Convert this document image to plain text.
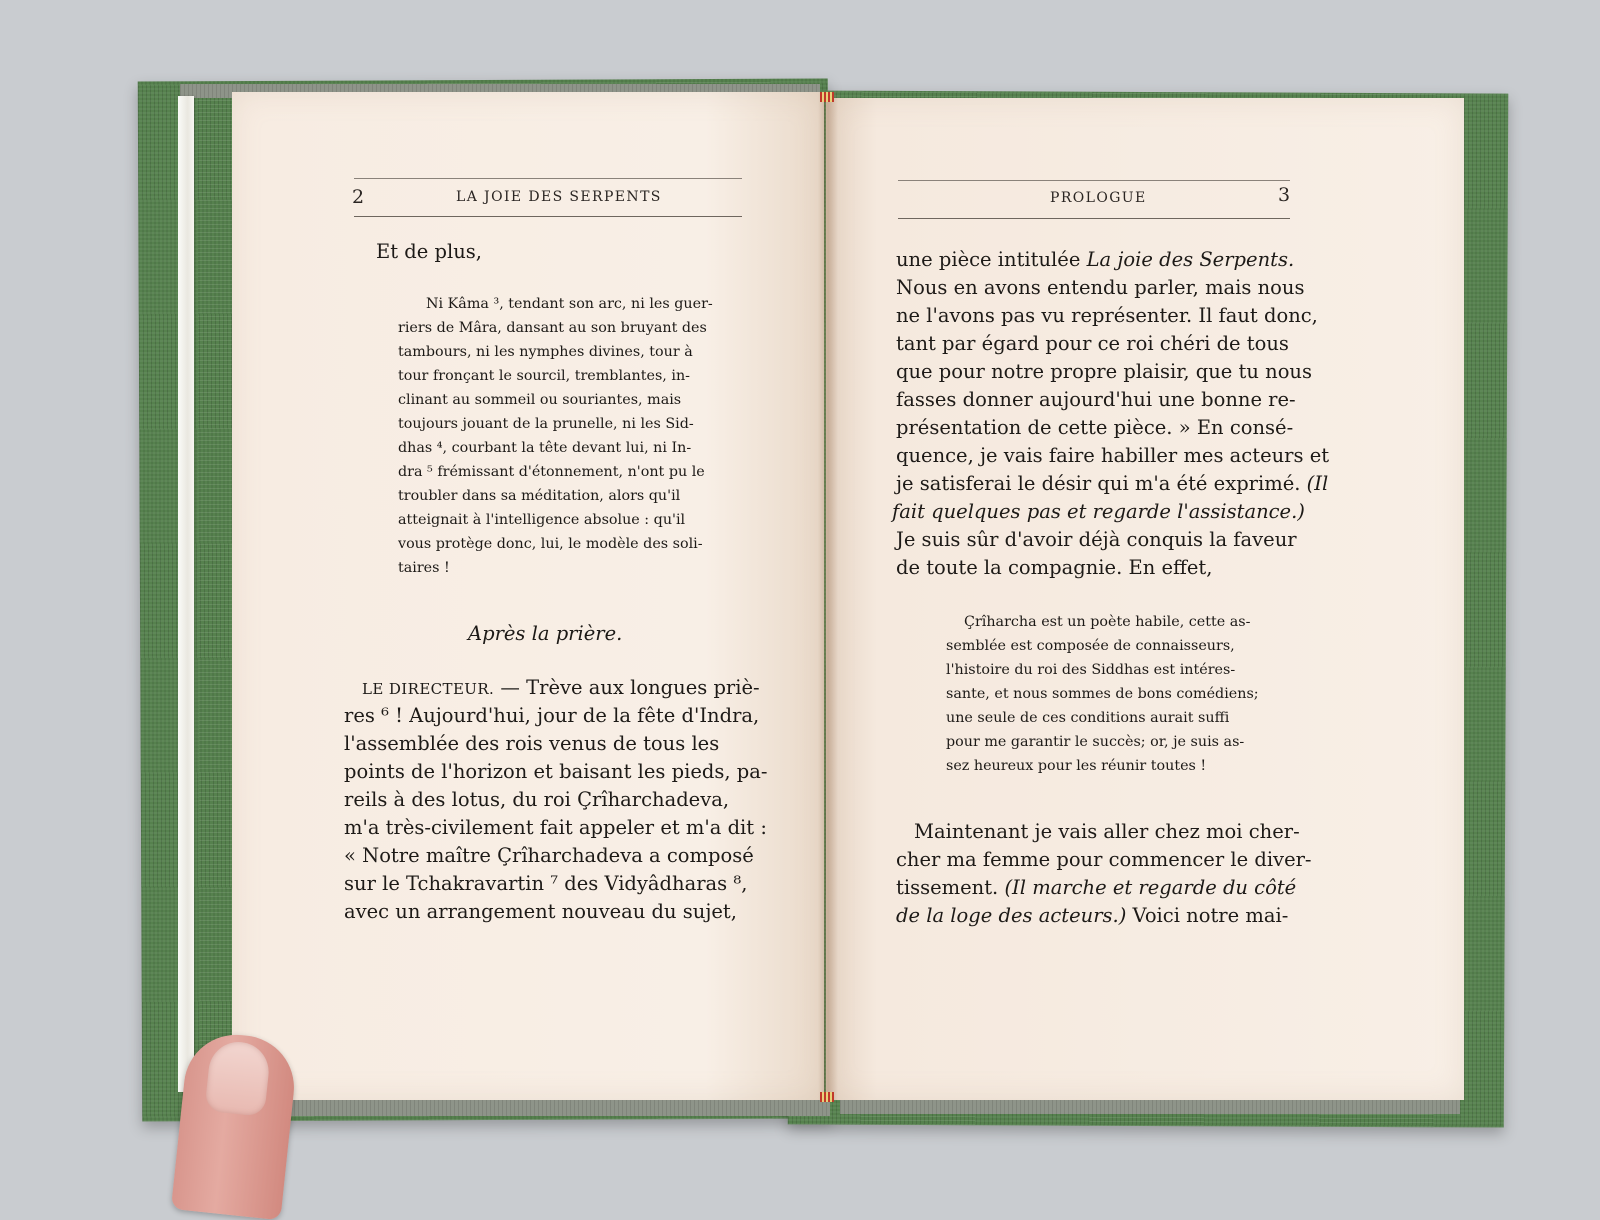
2	LA JOIE DES SERPENTS
Et de plus,
Ni Kâma ³, tendant son arc, ni les guer-
riers de Mâra, dansant au son bruyant des
tambours, ni les nymphes divines, tour à
tour fronçant le sourcil, tremblantes, in-
clinant au sommeil ou souriantes, mais
toujours jouant de la prunelle, ni les Sid-
dhas ⁴, courbant la tête devant lui, ni In-
dra ⁵ frémissant d'étonnement, n'ont pu le
troubler dans sa méditation, alors qu'il
atteignait à l'intelligence absolue : qu'il
vous protège donc, lui, le modèle des soli-
taires !
Après la prière.
LE DIRECTEUR. — Trève aux longues priè-
res ⁶ ! Aujourd'hui, jour de la fête d'Indra,
l'assemblée des rois venus de tous les
points de l'horizon et baisant les pieds, pa-
reils à des lotus, du roi Çrîharchadeva,
m'a très-civilement fait appeler et m'a dit :
« Notre maître Çrîharchadeva a composé
sur le Tchakravartin ⁷ des Vidyâdharas ⁸,
avec un arrangement nouveau du sujet,
PROLOGUE	3
une pièce intitulée La joie des Serpents.
Nous en avons entendu parler, mais nous
ne l'avons pas vu représenter. Il faut donc,
tant par égard pour ce roi chéri de tous
que pour notre propre plaisir, que tu nous
fasses donner aujourd'hui une bonne re-
présentation de cette pièce. » En consé-
quence, je vais faire habiller mes acteurs et
je satisferai le désir qui m'a été exprimé. (Il
fait quelques pas et regarde l'assistance.)
Je suis sûr d'avoir déjà conquis la faveur
de toute la compagnie. En effet,
Çrîharcha est un poète habile, cette as-
semblée est composée de connaisseurs,
l'histoire du roi des Siddhas est intéres-
sante, et nous sommes de bons comédiens;
une seule de ces conditions aurait suffi
pour me garantir le succès; or, je suis as-
sez heureux pour les réunir toutes !
Maintenant je vais aller chez moi cher-
cher ma femme pour commencer le diver-
tissement. (Il marche et regarde du côté
de la loge des acteurs.) Voici notre mai-
